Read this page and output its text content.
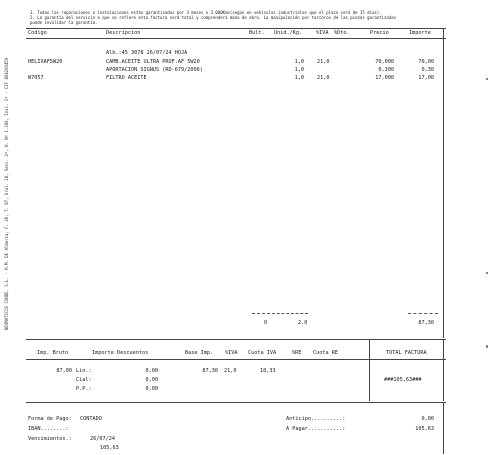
1. Todas las reparaciones o instalaciones están garantizadas por 3 meses o 3.000Kms(según en vehículos industriales que el plazo será de 15 días).
2. La garantía del servicio a que se refiere esta factura será total y comprenderá mano de obra. La manipulación por terceros de las piezas garantizadas
puede invalidar la garantía.
NEUMATICOS CONDE, S.L. - R.M. DE Almería, F. 28, T. 87, Gral. 28, Secc. 2ª, H. Nº 1.180, Insc. 1ª - CIF B04200459
Codigo	Descripcion	Bult. Unid./Kg.	%IVA %Dto.	Precio	Importe
Alb.:45 3078 26/07/24 HOJA
HELIXAF5W20	CAMB.ACEITE ULTRA PROF.AF 5W20	1,0	21,0	70,000	70,00
APORTACION SIGNUS (RD-679/2006)	1,0	0,300	0,30
W7057	FILTRO ACEITE	1,0	21,0	17,000	17,00
0	2,0	87,30
Imp. Bruto	Importe Descuentos	Base Imp. %IVA Cuota IVA	%RE Cuota RE	TOTAL FACTURA
87,00 Lin.:	0,00
Cial:	0,00
P.P.:	0,00
87,30 21,0	18,33
###105,63###
Forma de Pago: CONTADO
IBAN........:
Vencimientos.:	26/07/24
105,63
Anticipo..........:	0,00
A Pagar...........:	105,63
